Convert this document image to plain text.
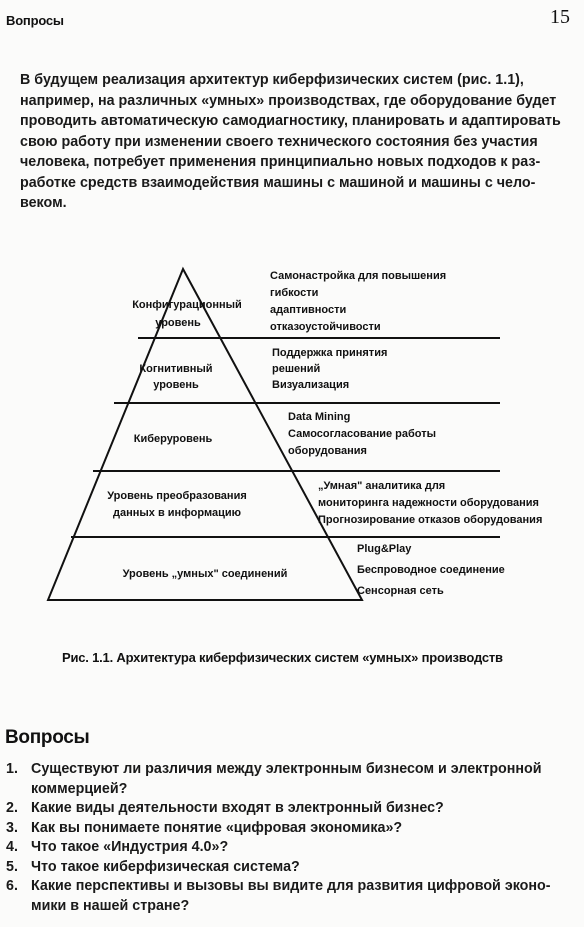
Вопросы	15

В будущем реализация архитектур киберфизических систем (рис. 1.1),
например, на различных «умных» производствах, где оборудование будет
проводить автоматическую самодиагностику, планировать и адаптировать
свою работу при изменении своего технического состояния без участия
человека, потребует применения принципиально новых подходов к раз-
работке средств взаимодействия машины с машиной и машины с чело-
веком.

Конфигурационный
уровень
Самонастройка для повышения
гибкости
адаптивности
отказоустойчивости
Когнитивный
уровень
Поддержка принятия
решений
Визуализация
Киберуровень
Data Mining
Самосогласование работы
оборудования
Уровень преобразования
данных в информацию
„Умная" аналитика для
мониторинга надежности оборудования
Прогнозирование отказов оборудования
Уровень „умных" соединений
Plug&Play
Беспроводное соединение
Сенсорная сеть
Рис. 1.1. Архитектура киберфизических систем «умных» производств
Вопросы
1. Существуют ли различия между электронным бизнесом и электронной
коммерцией?
2. Какие виды деятельности входят в электронный бизнес?
3. Как вы понимаете понятие «цифровая экономика»?
4. Что такое «Индустрия 4.0»?
5. Что такое киберфизическая система?
6. Какие перспективы и вызовы вы видите для развития цифровой эконо-
мики в нашей стране?
